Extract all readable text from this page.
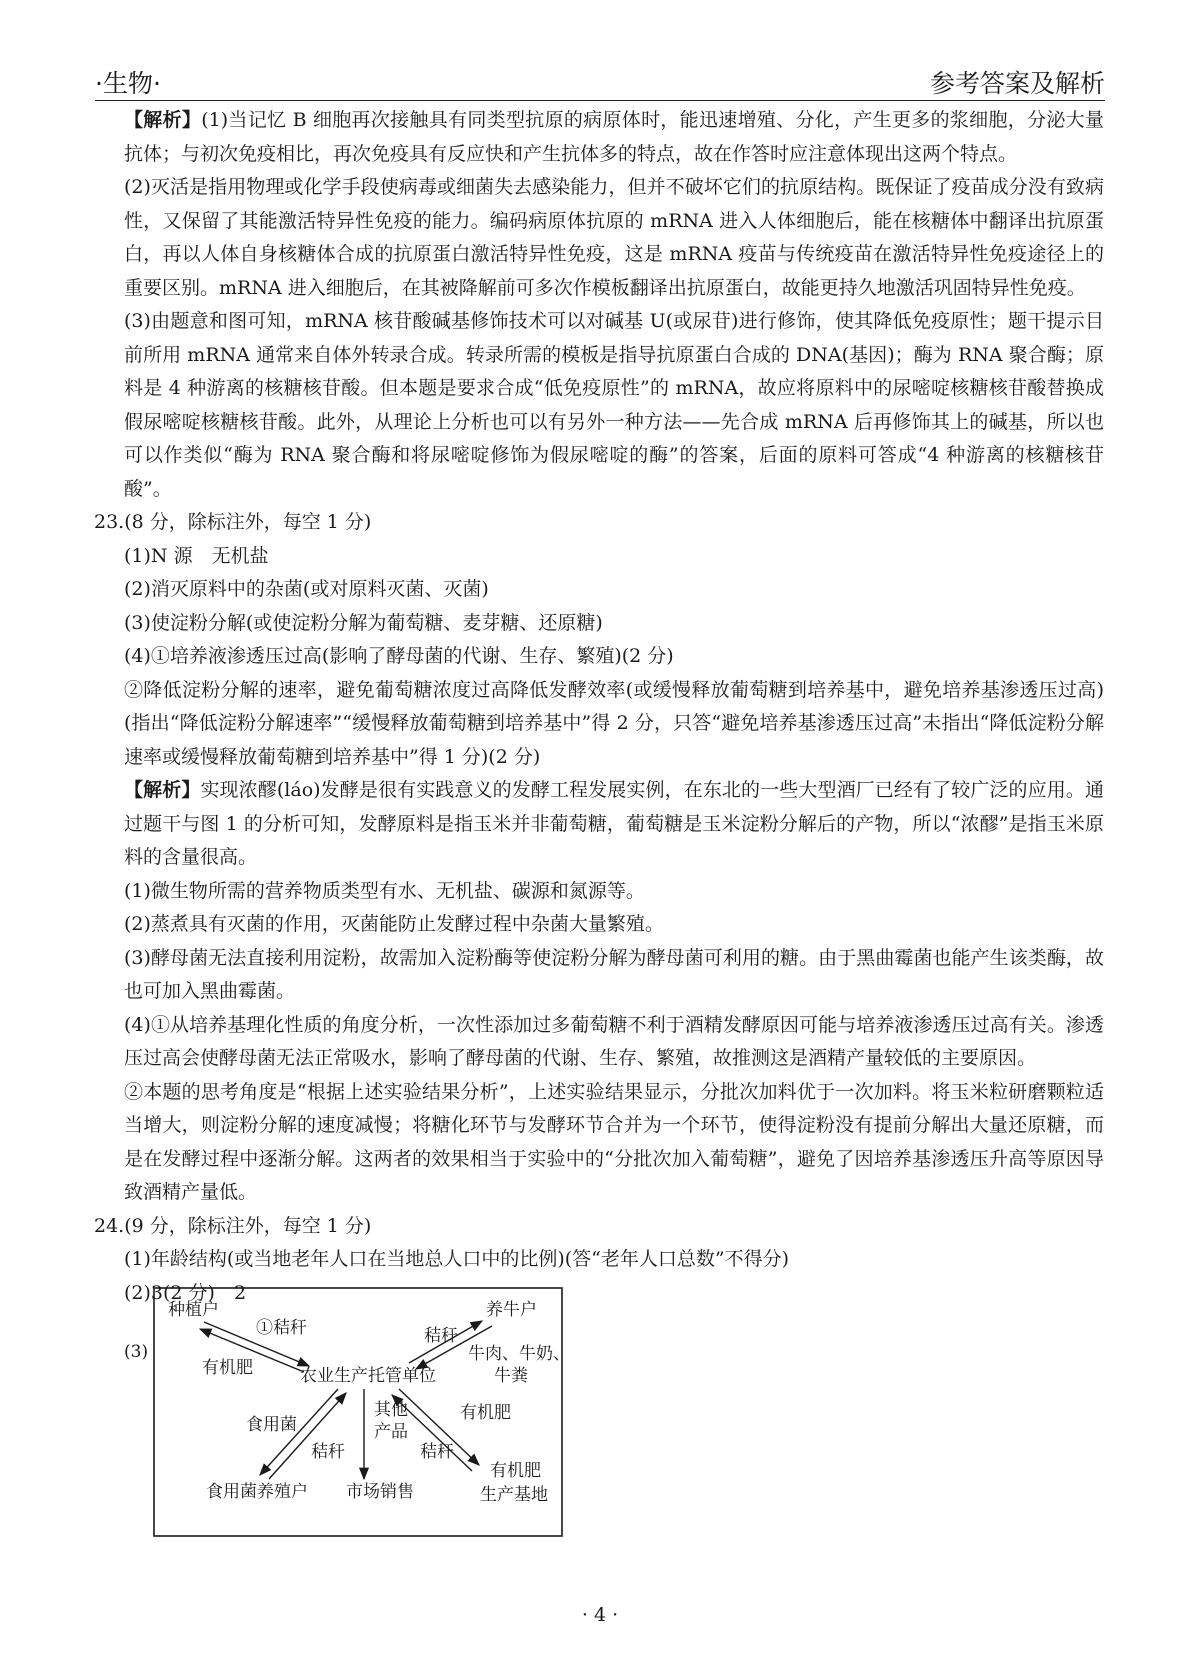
·生物·	参考答案及解析

【解析】(1)当记忆 B 细胞再次接触具有同类型抗原的病原体时，能迅速增殖、分化，产生更多的浆细胞，分泌大量抗体；与初次免疫相比，再次免疫具有反应快和产生抗体多的特点，故在作答时应注意体现出这两个特点。

(2)灭活是指用物理或化学手段使病毒或细菌失去感染能力，但并不破坏它们的抗原结构。既保证了疫苗成分没有致病性，又保留了其能激活特异性免疫的能力。编码病原体抗原的 mRNA 进入人体细胞后，能在核糖体中翻译出抗原蛋白，再以人体自身核糖体合成的抗原蛋白激活特异性免疫，这是 mRNA 疫苗与传统疫苗在激活特异性免疫途径上的重要区别。mRNA 进入细胞后，在其被降解前可多次作模板翻译出抗原蛋白，故能更持久地激活巩固特异性免疫。

(3)由题意和图可知，mRNA 核苷酸碱基修饰技术可以对碱基 U(或尿苷)进行修饰，使其降低免疫原性；题干提示目前所用 mRNA 通常来自体外转录合成。转录所需的模板是指导抗原蛋白合成的 DNA(基因)；酶为 RNA 聚合酶；原料是 4 种游离的核糖核苷酸。但本题是要求合成“低免疫原性”的 mRNA，故应将原料中的尿嘧啶核糖核苷酸替换成假尿嘧啶核糖核苷酸。此外，从理论上分析也可以有另外一种方法——先合成 mRNA 后再修饰其上的碱基，所以也可以作类似“酶为 RNA 聚合酶和将尿嘧啶修饰为假尿嘧啶的酶”的答案，后面的原料可答成“4 种游离的核糖核苷酸”。

23.(8 分，除标注外，每空 1 分)

(1)N 源　无机盐

(2)消灭原料中的杂菌(或对原料灭菌、灭菌)

(3)使淀粉分解(或使淀粉分解为葡萄糖、麦芽糖、还原糖)

(4)①培养液渗透压过高(影响了酵母菌的代谢、生存、繁殖)(2 分)

②降低淀粉分解的速率，避免葡萄糖浓度过高降低发酵效率(或缓慢释放葡萄糖到培养基中，避免培养基渗透压过高)(指出“降低淀粉分解速率”“缓慢释放葡萄糖到培养基中”得 2 分，只答“避免培养基渗透压过高”未指出“降低淀粉分解速率或缓慢释放葡萄糖到培养基中”得 1 分)(2 分)

【解析】实现浓醪(láo)发酵是很有实践意义的发酵工程发展实例，在东北的一些大型酒厂已经有了较广泛的应用。通过题干与图 1 的分析可知，发酵原料是指玉米并非葡萄糖，葡萄糖是玉米淀粉分解后的产物，所以“浓醪”是指玉米原料的含量很高。

(1)微生物所需的营养物质类型有水、无机盐、碳源和氮源等。

(2)蒸煮具有灭菌的作用，灭菌能防止发酵过程中杂菌大量繁殖。

(3)酵母菌无法直接利用淀粉，故需加入淀粉酶等使淀粉分解为酵母菌可利用的糖。由于黑曲霉菌也能产生该类酶，故也可加入黑曲霉菌。

(4)①从培养基理化性质的角度分析，一次性添加过多葡萄糖不利于酒精发酵原因可能与培养液渗透压过高有关。渗透压过高会使酵母菌无法正常吸水，影响了酵母菌的代谢、生存、繁殖，故推测这是酒精产量较低的主要原因。

②本题的思考角度是“根据上述实验结果分析”，上述实验结果显示，分批次加料优于一次加料。将玉米粒研磨颗粒适当增大，则淀粉分解的速度减慢；将糖化环节与发酵环节合并为一个环节，使得淀粉没有提前分解出大量还原糖，而是在发酵过程中逐渐分解。这两者的效果相当于实验中的“分批次加入葡萄糖”，避免了因培养基渗透压升高等原因导致酒精产量低。

24.(9 分，除标注外，每空 1 分)

(1)年龄结构(或当地老年人口在当地总人口中的比例)(答“老年人口总数”不得分)

(2)3(2 分)　2

(3)
种植户	养牛户
农业生产托管单位
食用菌养殖户 市场销售
有机肥
生产基地
①秸秆
有机肥
秸秆
牛肉、牛奶、
牛粪
食用菌
秸秆
其他
产品
有机肥
秸秆
· 4 ·
